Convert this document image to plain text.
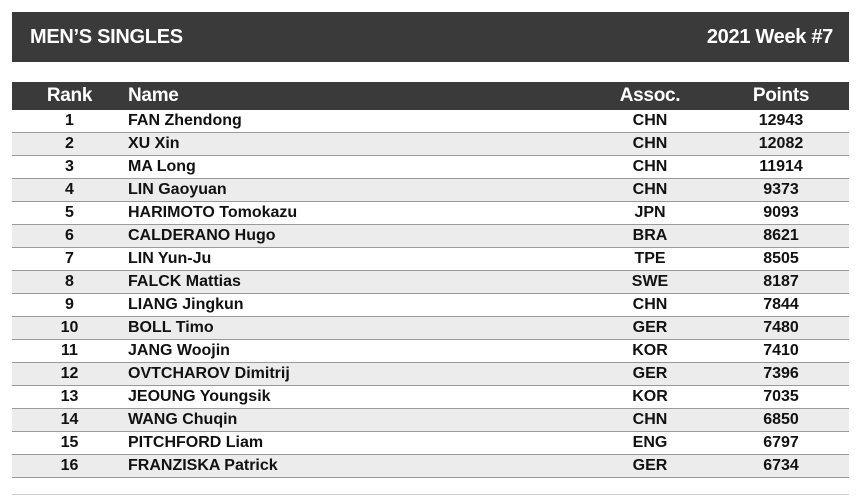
MEN’S SINGLES	2021 Week #7
Rank	Name	Assoc.	Points
1	FAN Zhendong	CHN	12943
2	XU Xin	CHN	12082
3	MA Long	CHN	11914
4	LIN Gaoyuan	CHN	9373
5	HARIMOTO Tomokazu	JPN	9093
6	CALDERANO Hugo	BRA	8621
7	LIN Yun-Ju	TPE	8505
8	FALCK Mattias	SWE	8187
9	LIANG Jingkun	CHN	7844
10	BOLL Timo	GER	7480
11	JANG Woojin	KOR	7410
12	OVTCHAROV Dimitrij	GER	7396
13	JEOUNG Youngsik	KOR	7035
14	WANG Chuqin	CHN	6850
15	PITCHFORD Liam	ENG	6797
16	FRANZISKA Patrick	GER	6734
